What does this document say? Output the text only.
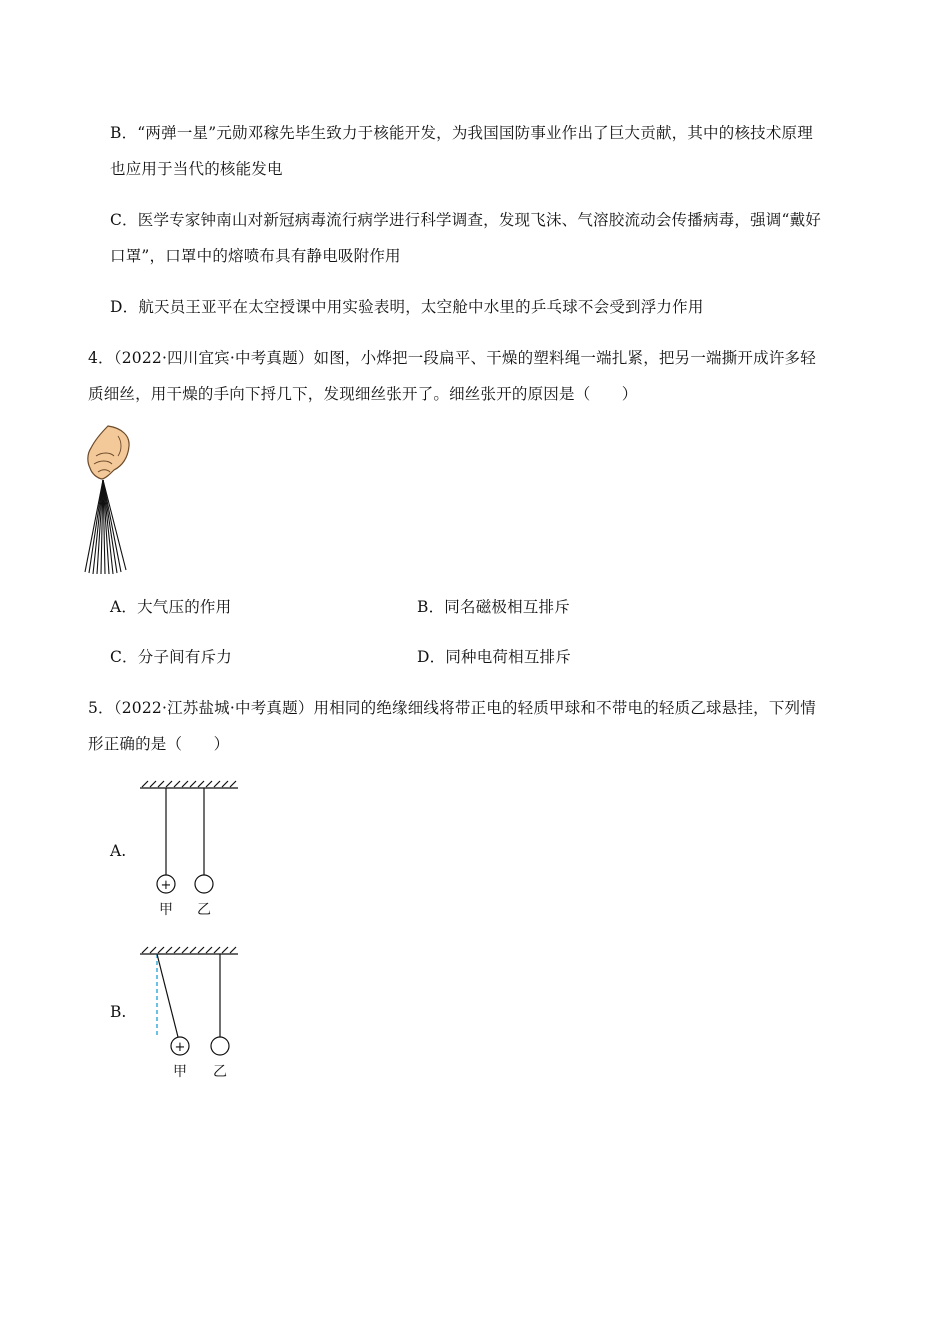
B．“两弹一星”元勋邓稼先毕生致力于核能开发，为我国国防事业作出了巨大贡献，其中的核技术原理
也应用于当代的核能发电
C．医学专家钟南山对新冠病毒流行病学进行科学调查，发现飞沫、气溶胶流动会传播病毒，强调“戴好
口罩”，口罩中的熔喷布具有静电吸附作用
D．航天员王亚平在太空授课中用实验表明，太空舱中水里的乒乓球不会受到浮力作用
4．（2022·四川宜宾·中考真题）如图，小烨把一段扁平、干燥的塑料绳一端扎紧，把另一端撕开成许多轻
质细丝，用干燥的手向下捋几下，发现细丝张开了。细丝张开的原因是（　　）
A．大气压的作用	B．同名磁极相互排斥
C．分子间有斥力	D．同种电荷相互排斥
5．（2022·江苏盐城·中考真题）用相同的绝缘细线将带正电的轻质甲球和不带电的轻质乙球悬挂，下列情
形正确的是（　　）
A.
+
甲 乙
B.
+
甲 乙
